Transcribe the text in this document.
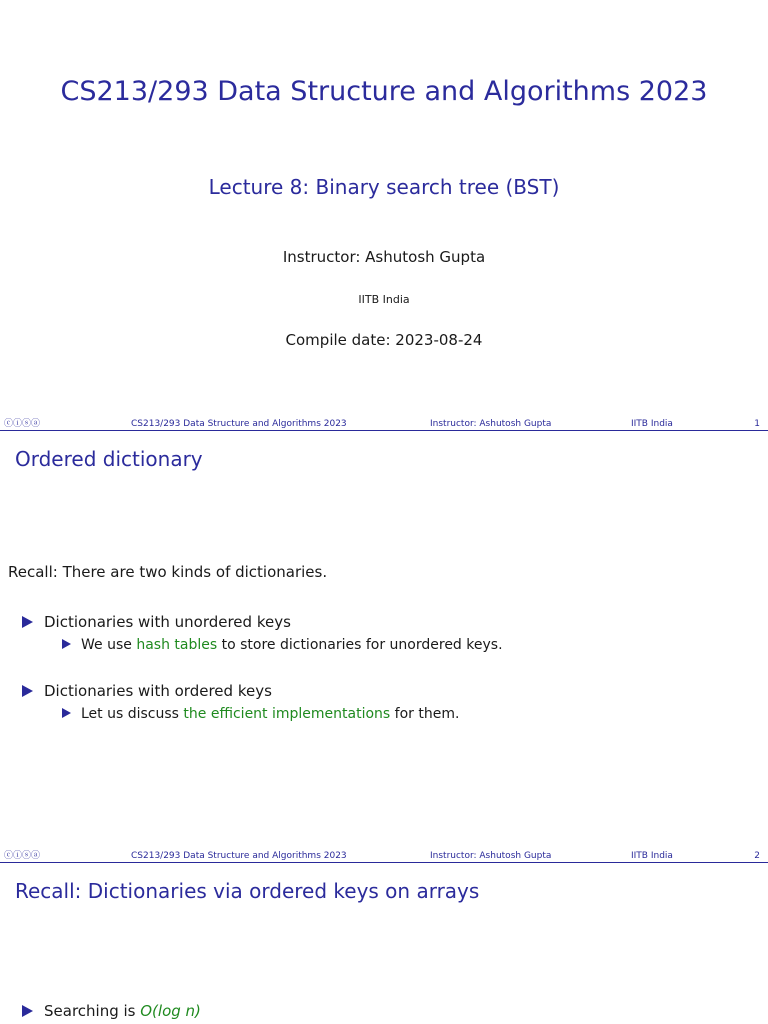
CS213/293 Data Structure and Algorithms 2023
Lecture 8: Binary search tree (BST)
Instructor: Ashutosh Gupta
IITB India
Compile date: 2023-08-24
ⓒⓘⓢⓐ	CS213/293 Data Structure and Algorithms 2023	Instructor: Ashutosh Gupta	IITB India	1
Ordered dictionary
Recall: There are two kinds of dictionaries.
Dictionaries with unordered keys
We use hash tables to store dictionaries for unordered keys.
Dictionaries with ordered keys
Let us discuss the efficient implementations for them.
ⓒⓘⓢⓐ	CS213/293 Data Structure and Algorithms 2023	Instructor: Ashutosh Gupta	IITB India	2
Recall: Dictionaries via ordered keys on arrays
Searching is O(log n)
